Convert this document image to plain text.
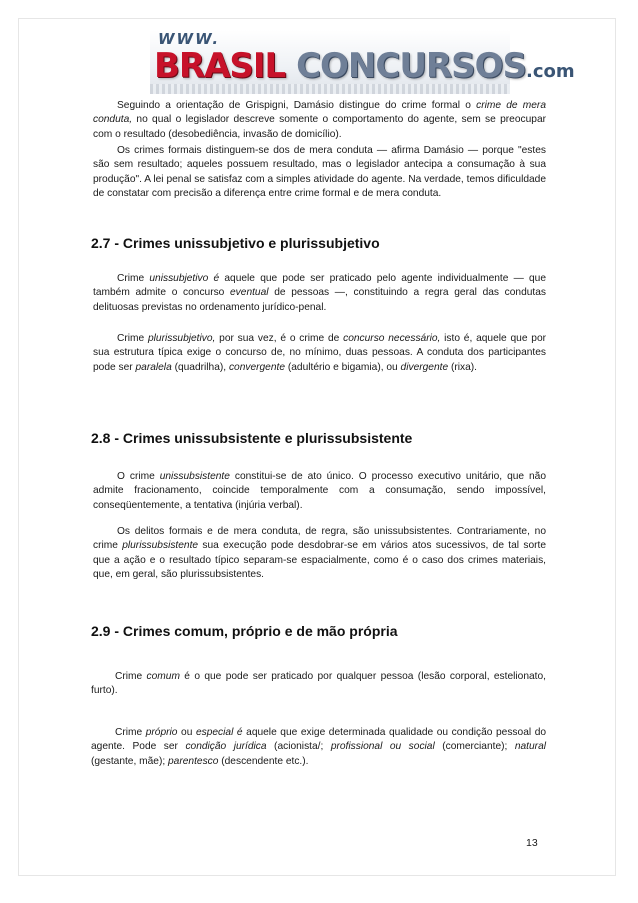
WWW.
BRASIL CONCURSOS.com

Seguindo a orientação de Grispigni, Damásio distingue do crime formal o crime de mera conduta, no qual o legislador descreve somente o comportamento do agente, sem se preocupar com o resultado (desobediência, invasão de domicílio).

Os crimes formais distinguem-se dos de mera conduta — afirma Damásio — porque "estes são sem resultado; aqueles possuem resultado, mas o legislador antecipa a consumação à sua produção". A lei penal se satisfaz com a simples atividade do agente. Na verdade, temos dificuldade de constatar com precisão a diferença entre crime formal e de mera conduta.

2.7 - Crimes unissubjetivo e plurissubjetivo

Crime unissubjetivo é aquele que pode ser praticado pelo agente individualmente — que também admite o concurso eventual de pessoas —, constituindo a regra geral das condutas delituosas previstas no ordenamento jurídico-penal.

Crime plurissubjetivo, por sua vez, é o crime de concurso necessário, isto é, aquele que por sua estrutura típica exige o concurso de, no mínimo, duas pessoas. A conduta dos participantes pode ser paralela (quadrilha), convergente (adultério e bigamia), ou divergente (rixa).

2.8 - Crimes unissubsistente e plurissubsistente

O crime unissubsistente constitui-se de ato único. O processo executivo unitário, que não admite fracionamento, coincide temporalmente com a consumação, sendo impossível, conseqüentemente, a tentativa (injúria verbal).

Os delitos formais e de mera conduta, de regra, são unissubsistentes. Contrariamente, no crime plurissubsistente sua execução pode desdobrar-se em vários atos sucessivos, de tal sorte que a ação e o resultado típico separam-se espacialmente, como é o caso dos crimes materiais, que, em geral, são plurissubsistentes.

2.9 - Crimes comum, próprio e de mão própria

Crime comum é o que pode ser praticado por qualquer pessoa (lesão corporal, estelionato, furto).

Crime próprio ou especial é aquele que exige determinada qualidade ou condição pessoal do agente. Pode ser condição jurídica (acionista/; profissional ou social (comerciante); natural (gestante, mãe); parentesco (descendente etc.).

13
